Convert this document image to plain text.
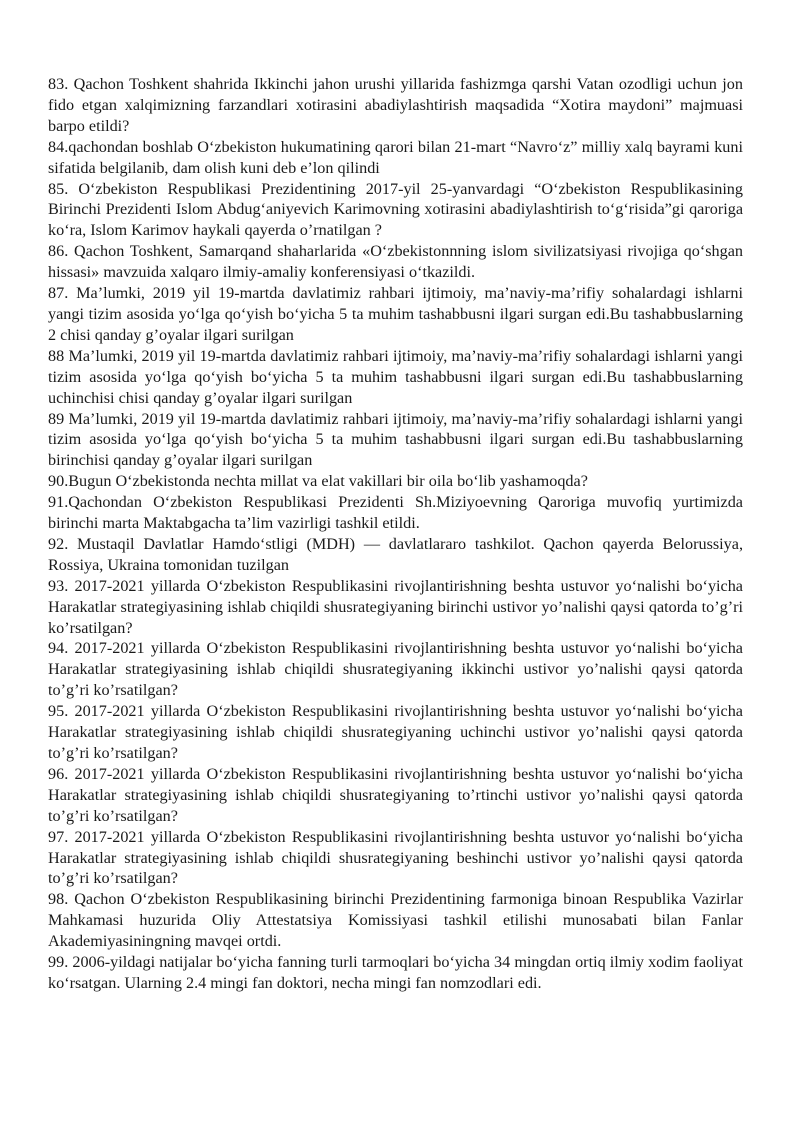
83. Qachon Toshkent shahrida Ikkinchi jahon urushi yillarida fashizmga qarshi Vatan ozodligi uchun jon fido etgan xalqimizning farzandlari xotirasini abadiylashtirish maqsadida “Xotira maydoni” majmuasi barpo etildi?

84.qachondan boshlab O‘zbekiston hukumatining qarori bilan 21-mart “Navro‘z” milliy xalq bayrami kuni sifatida belgilanib, dam olish kuni deb e’lon qilindi

85. O‘zbekiston Respublikasi Prezidentining 2017-yil 25-yanvardagi “O‘zbekiston Respublikasining Birinchi Prezidenti Islom Abdug‘aniyevich Karimovning xotirasini abadiylashtirish to‘g‘risida”gi qaroriga ko‘ra, Islom Karimov haykali qayerda o’rnatilgan ?

86. Qachon Toshkent, Samarqand shaharlarida «O‘zbekistonnning islom sivilizatsiyasi rivojiga qo‘shgan hissasi» mavzuida xalqaro ilmiy-amaliy konferensiyasi o‘tkazildi.

87. Ma’lumki, 2019 yil 19-martda davlatimiz rahbari ijtimoiy, ma’naviy-ma’rifiy sohalardagi ishlarni yangi tizim asosida yo‘lga qo‘yish bo‘yicha 5 ta muhim tashabbusni ilgari surgan edi.Bu tashabbuslarning 2 chisi qanday g’oyalar ilgari surilgan

88 Ma’lumki, 2019 yil 19-martda davlatimiz rahbari ijtimoiy, ma’naviy-ma’rifiy sohalardagi ishlarni yangi tizim asosida yo‘lga qo‘yish bo‘yicha 5 ta muhim tashabbusni ilgari surgan edi.Bu tashabbuslarning uchinchisi chisi qanday g’oyalar ilgari surilgan

89 Ma’lumki, 2019 yil 19-martda davlatimiz rahbari ijtimoiy, ma’naviy-ma’rifiy sohalardagi ishlarni yangi tizim asosida yo‘lga qo‘yish bo‘yicha 5 ta muhim tashabbusni ilgari surgan edi.Bu tashabbuslarning birinchisi qanday g’oyalar ilgari surilgan

90.Bugun O‘zbekistonda nechta millat va elat vakillari bir oila bo‘lib yashamoqda?

91.Qachondan O‘zbekiston Respublikasi Prezidenti Sh.Miziyoevning Qaroriga muvofiq yurtimizda birinchi marta Maktabgacha ta’lim vazirligi tashkil etildi.

92. Mustaqil Davlatlar Hamdo‘stligi (MDH) — davlatlararo tashkilot. Qachon qayerda Belorussiya, Rossiya, Ukraina tomonidan tuzilgan

93. 2017-2021 yillarda O‘zbekiston Respublikasini rivojlantirishning beshta ustuvor yo‘nalishi bo‘yicha Harakatlar strategiyasining ishlab chiqildi shusrategiyaning birinchi ustivor yo’nalishi qaysi qatorda to’g’ri ko’rsatilgan?

94. 2017-2021 yillarda O‘zbekiston Respublikasini rivojlantirishning beshta ustuvor yo‘nalishi bo‘yicha Harakatlar strategiyasining ishlab chiqildi shusrategiyaning ikkinchi ustivor yo’nalishi qaysi qatorda to’g’ri ko’rsatilgan?

95. 2017-2021 yillarda O‘zbekiston Respublikasini rivojlantirishning beshta ustuvor yo‘nalishi bo‘yicha Harakatlar strategiyasining ishlab chiqildi shusrategiyaning uchinchi ustivor yo’nalishi qaysi qatorda to’g’ri ko’rsatilgan?

96. 2017-2021 yillarda O‘zbekiston Respublikasini rivojlantirishning beshta ustuvor yo‘nalishi bo‘yicha Harakatlar strategiyasining ishlab chiqildi shusrategiyaning to’rtinchi ustivor yo’nalishi qaysi qatorda to’g’ri ko’rsatilgan?

97. 2017-2021 yillarda O‘zbekiston Respublikasini rivojlantirishning beshta ustuvor yo‘nalishi bo‘yicha Harakatlar strategiyasining ishlab chiqildi shusrategiyaning beshinchi ustivor yo’nalishi qaysi qatorda to’g’ri ko’rsatilgan?

98. Qachon O‘zbekiston Respublikasining birinchi Prezidentining farmoniga binoan Respublika Vazirlar Mahkamasi huzurida Oliy Attestatsiya Komissiyasi tashkil etilishi munosabati bilan Fanlar Akademiyasiningning mavqei ortdi.

99. 2006-yildagi natijalar bo‘yicha fanning turli tarmoqlari bo‘yicha 34 mingdan ortiq ilmiy xodim faoliyat ko‘rsatgan. Ularning 2.4 mingi fan doktori, necha mingi fan nomzodlari edi.
